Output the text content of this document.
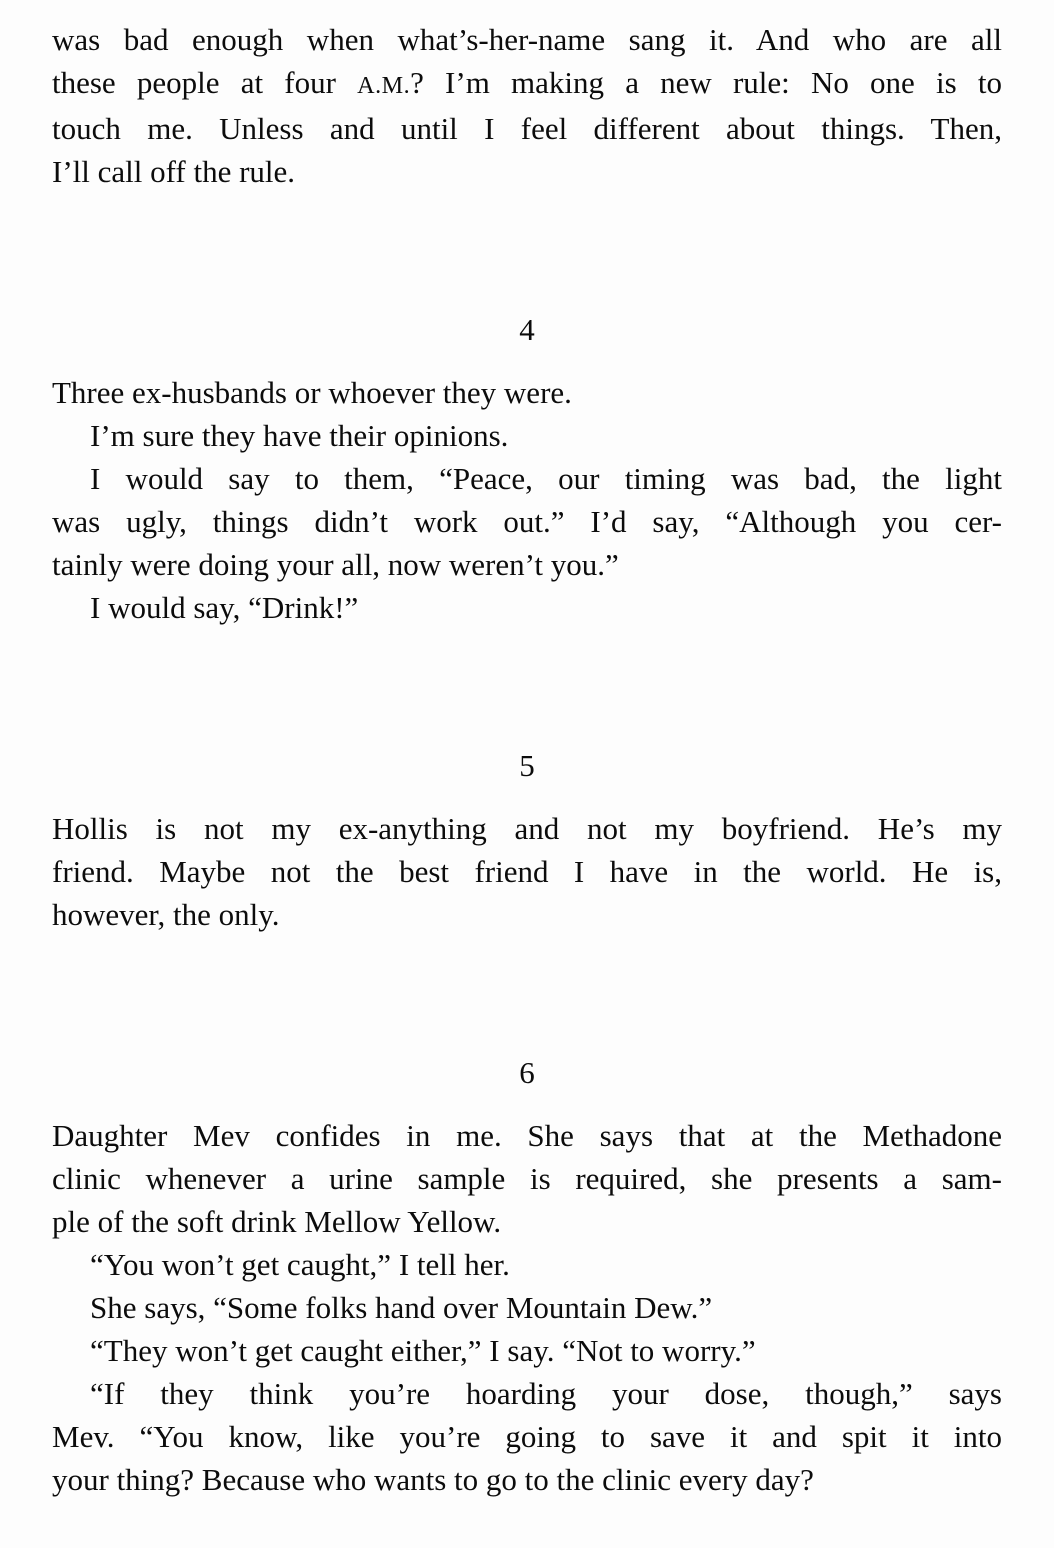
was bad enough when what’s-her-name sang it. And who are all
these people at four A.M.? I’m making a new rule: No one is to
touch me. Unless and until I feel different about things. Then,
I’ll call off the rule.
4
Three ex-husbands or whoever they were.
I’m sure they have their opinions.
I would say to them, “Peace, our timing was bad, the light
was ugly, things didn’t work out.” I’d say, “Although you cer-
tainly were doing your all, now weren’t you.”
I would say, “Drink!”
5
Hollis is not my ex-anything and not my boyfriend. He’s my
friend. Maybe not the best friend I have in the world. He is,
however, the only.
6
Daughter Mev confides in me. She says that at the Methadone
clinic whenever a urine sample is required, she presents a sam-
ple of the soft drink Mellow Yellow.
“You won’t get caught,” I tell her.
She says, “Some folks hand over Mountain Dew.”
“They won’t get caught either,” I say. “Not to worry.”
“If they think you’re hoarding your dose, though,” says
Mev. “You know, like you’re going to save it and spit it into
your thing? Because who wants to go to the clinic every day?
